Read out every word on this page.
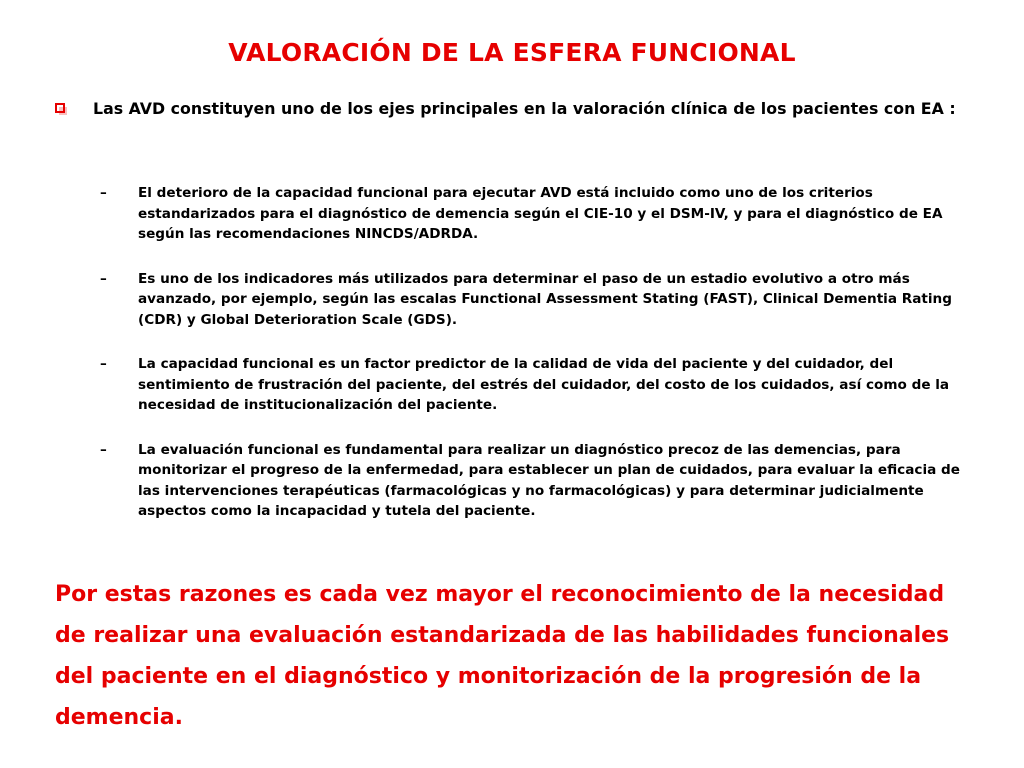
VALORACIÓN DE LA ESFERA FUNCIONAL
Las AVD constituyen uno de los ejes principales en la valoración clínica de los pacientes con EA :
– El deterioro de la capacidad funcional para ejecutar AVD está incluido como uno de los criterios estandarizados para el diagnóstico de demencia según el CIE-10 y el DSM-IV, y para el diagnóstico de EA según las recomendaciones NINCDS/ADRDA.
– Es uno de los indicadores más utilizados para determinar el paso de un estadio evolutivo a otro más avanzado, por ejemplo, según las escalas Functional Assessment Stating (FAST), Clinical Dementia Rating (CDR) y Global Deterioration Scale (GDS).
– La capacidad funcional es un factor predictor de la calidad de vida del paciente y del cuidador, del sentimiento de frustración del paciente, del estrés del cuidador, del costo de los cuidados, así como de la necesidad de institucionalización del paciente.
– La evaluación funcional es fundamental para realizar un diagnóstico precoz de las demencias, para monitorizar el progreso de la enfermedad, para establecer un plan de cuidados, para evaluar la eficacia de las intervenciones terapéuticas (farmacológicas y no farmacológicas) y para determinar judicialmente aspectos como la incapacidad y tutela del paciente.
Por estas razones es cada vez mayor el reconocimiento de la necesidad de realizar una evaluación estandarizada de las habilidades funcionales del paciente en el diagnóstico y monitorización de la progresión de la demencia.
